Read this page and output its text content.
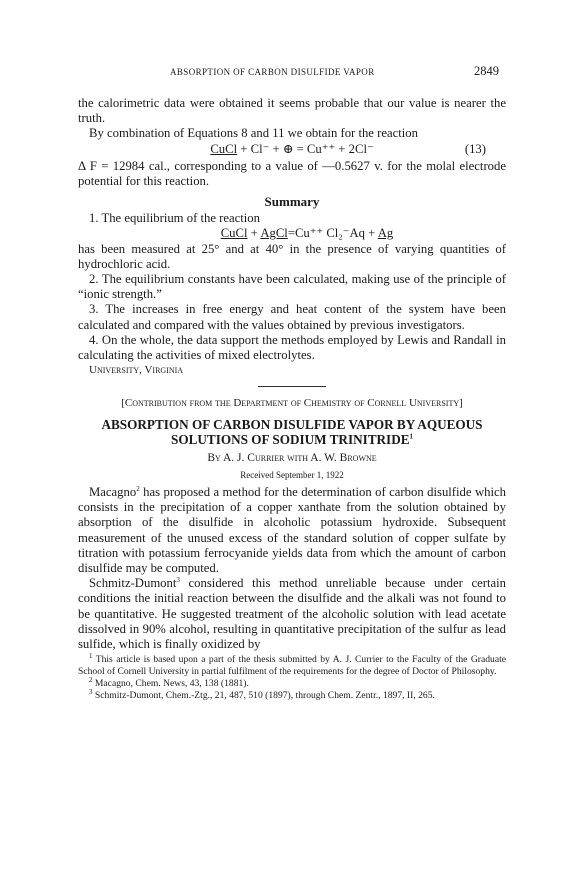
ABSORPTION OF CARBON DISULFIDE VAPOR	2849

the calorimetric data were obtained it seems probable that our value is nearer the truth.

By combination of Equations 8 and 11 we obtain for the reaction

CuCl + Cl⁻ + ⊕ = Cu⁺⁺ + 2Cl⁻	(13)

Δ F = 12984 cal., corresponding to a value of —0.5627 v. for the molal electrode potential for this reaction.

Summary

1. The equilibrium of the reaction

CuCl + AgCl=Cu⁺⁺ Cl₂⁻Aq + Ag

has been measured at 25° and at 40° in the presence of varying quantities of hydrochloric acid.

2. The equilibrium constants have been calculated, making use of the principle of “ionic strength.”

3. The increases in free energy and heat content of the system have been calculated and compared with the values obtained by previous investigators.

4. On the whole, the data support the methods employed by Lewis and Randall in calculating the activities of mixed electrolytes.

University, Virginia

[Contribution from the Department of Chemistry of Cornell University]
ABSORPTION OF CARBON DISULFIDE VAPOR BY AQUEOUS SOLUTIONS OF SODIUM TRINITRIDE$^1$
By A. J. Currier with A. W. Browne
Received September 1, 1922

Macagno$^2$ has proposed a method for the determination of carbon disulfide which consists in the precipitation of a copper xanthate from the solution obtained by absorption of the disulfide in alcoholic potassium hydroxide. Subsequent measurement of the unused excess of the standard solution of copper sulfate by titration with potassium ferrocyanide yields data from which the amount of carbon disulfide may be computed.

Schmitz-Dumont$^3$ considered this method unreliable because under certain conditions the initial reaction between the disulfide and the alkali was not found to be quantitative. He suggested treatment of the alcoholic solution with lead acetate dissolved in 90% alcohol, resulting in quantitative precipitation of the sulfur as lead sulfide, which is finally oxidized by

$^1$ This article is based upon a part of the thesis submitted by A. J. Currier to the Faculty of the Graduate School of Cornell University in partial fulfilment of the requirements for the degree of Doctor of Philosophy.

$^2$ Macagno, Chem. News, 43, 138 (1881).

$^3$ Schmitz-Dumont, Chem.-Ztg., 21, 487, 510 (1897), through Chem. Zentr., 1897, II, 265.
